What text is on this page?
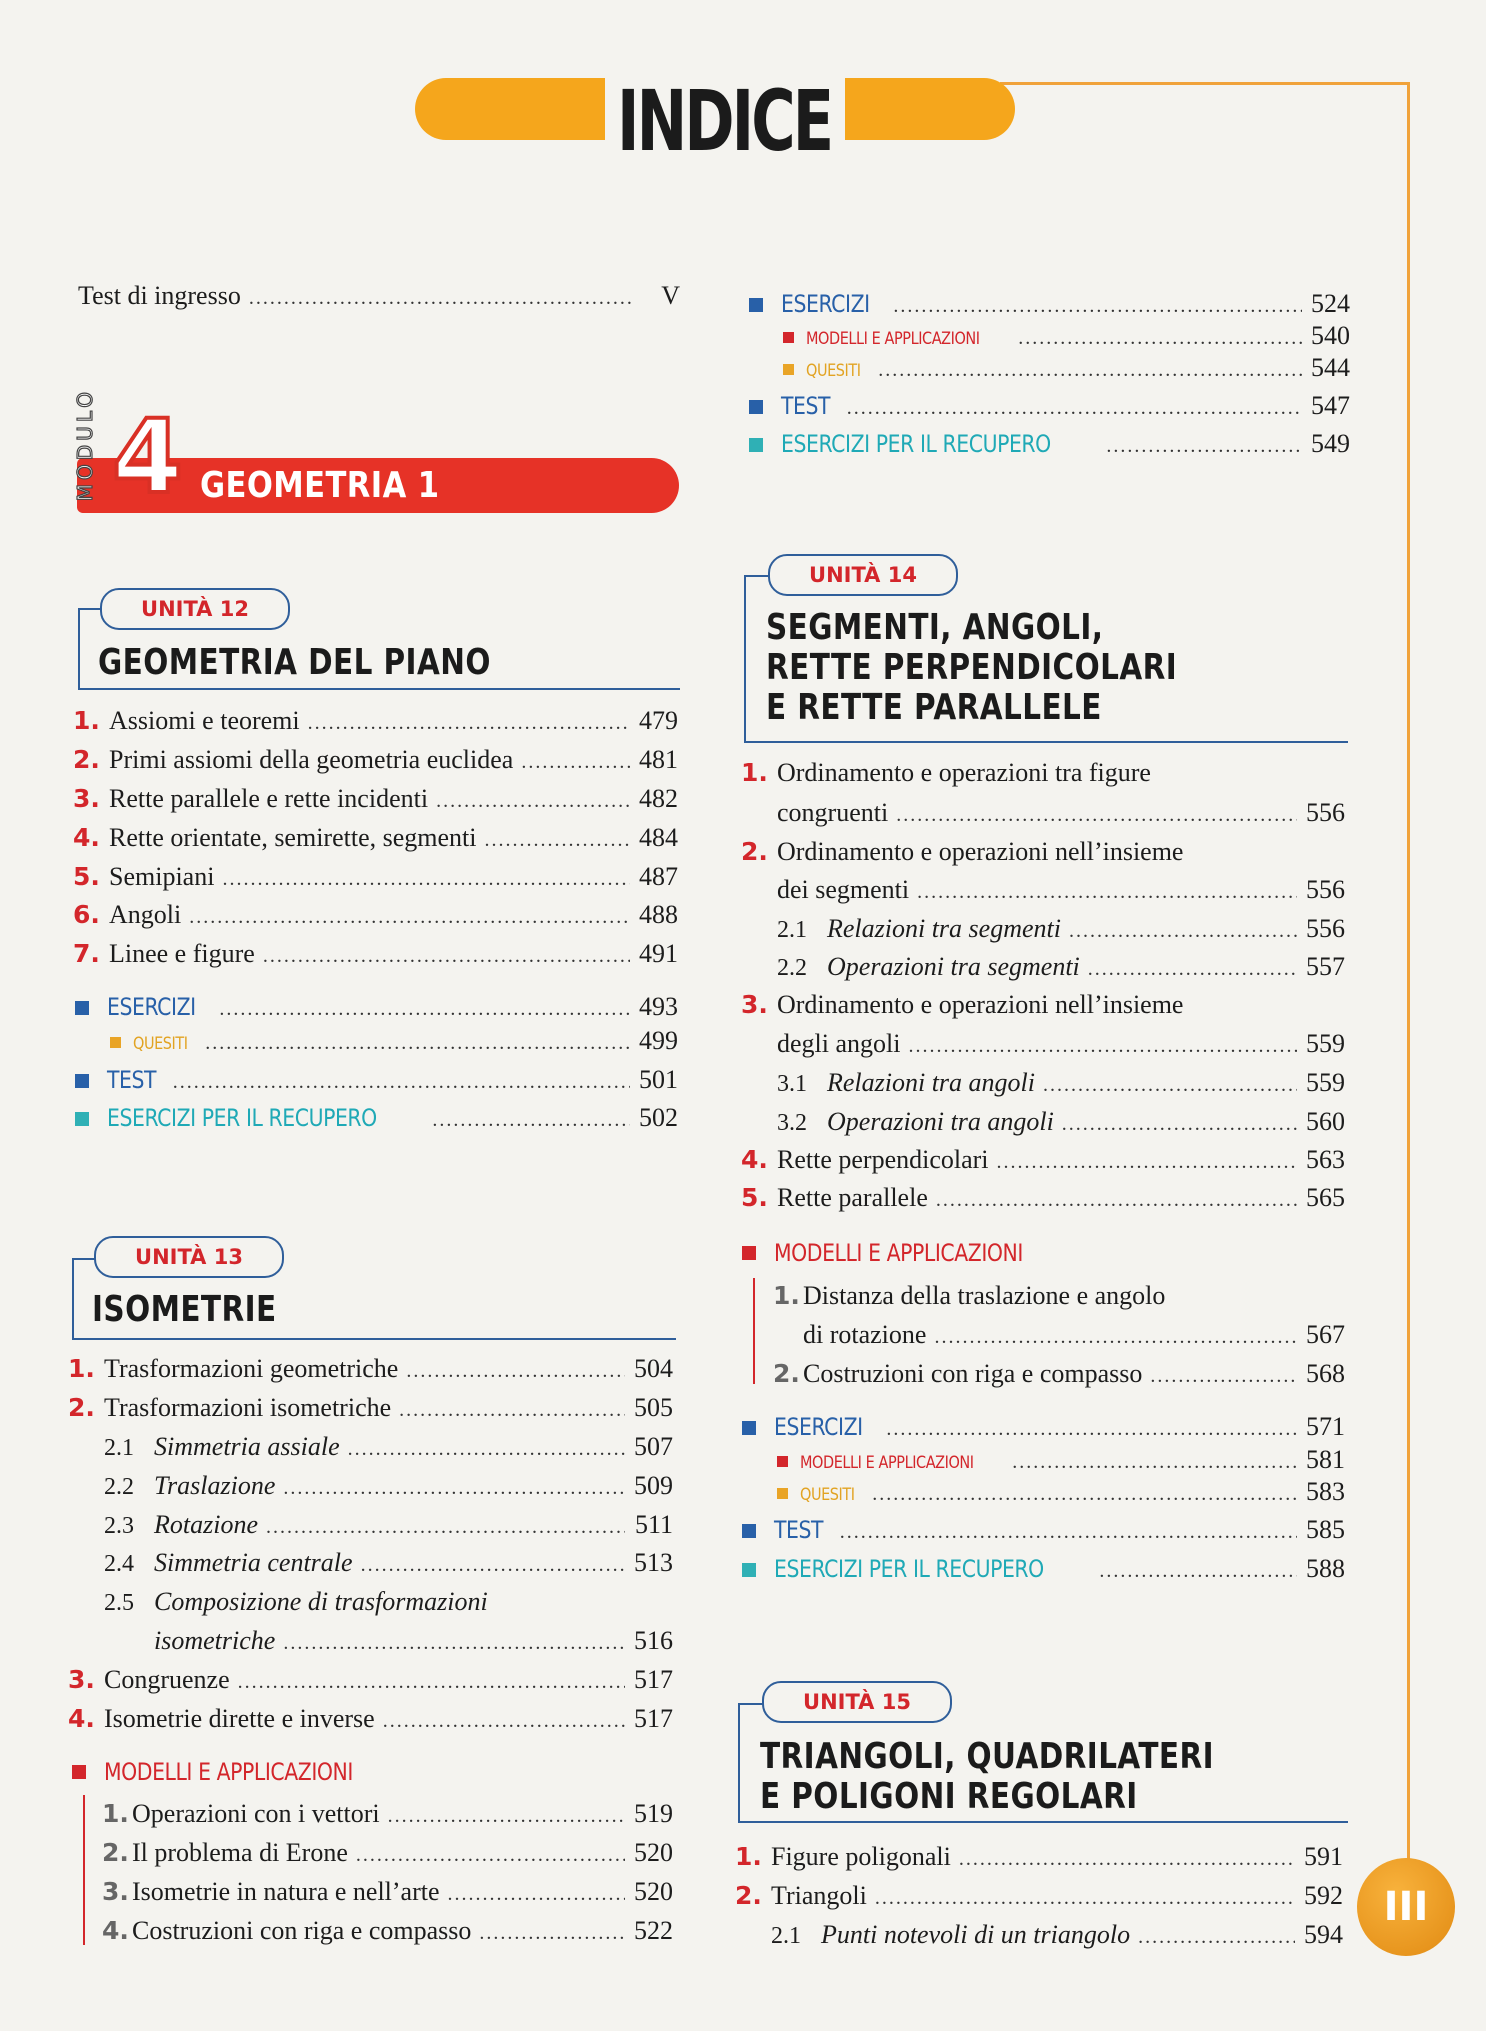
INDICE
Test di ingresso .....	V
MODULO 4 GEOMETRIA 1
UNITÀ 12
GEOMETRIA DEL PIANO
1. Assiomi e teoremi .....	479
2. Primi assiomi della geometria euclidea .....	481
3. Rette parallele e rette incidenti .....	482
4. Rette orientate, semirette, segmenti .....	484
5. Semipiani .....	487
6. Angoli .....	488
7. Linee e figure .....	491
ESERCIZI .....	493
QUESITI .....	499
TEST .....	501
ESERCIZI PER IL RECUPERO .....	502
UNITÀ 13
ISOMETRIE
1. Trasformazioni geometriche .....	504
2. Trasformazioni isometriche .....	505
2.1 Simmetria assiale .....	507
2.2 Traslazione .....	509
2.3 Rotazione .....	511
2.4 Simmetria centrale .....	513
2.5 Composizione di trasformazioni
isometriche .....	516
3. Congruenze .....	517
4. Isometrie dirette e inverse .....	517
MODELLI E APPLICAZIONI
1. Operazioni con i vettori .....	519
2. Il problema di Erone .....	520
3. Isometrie in natura e nell’arte .....	520
4. Costruzioni con riga e compasso .....	522
ESERCIZI .....	524
MODELLI E APPLICAZIONI .....	540
QUESITI .....	544
TEST .....	547
ESERCIZI PER IL RECUPERO .....	549
UNITÀ 14
SEGMENTI, ANGOLI,
RETTE PERPENDICOLARI
E RETTE PARALLELE
1. Ordinamento e operazioni tra figure
congruenti .....	556
2. Ordinamento e operazioni nell’insieme
dei segmenti .....	556
2.1 Relazioni tra segmenti .....	556
2.2 Operazioni tra segmenti .....	557
3. Ordinamento e operazioni nell’insieme
degli angoli .....	559
3.1 Relazioni tra angoli .....	559
3.2 Operazioni tra angoli .....	560
4. Rette perpendicolari .....	563
5. Rette parallele .....	565
MODELLI E APPLICAZIONI
1. Distanza della traslazione e angolo
di rotazione .....	567
2. Costruzioni con riga e compasso .....	568
ESERCIZI .....	571
MODELLI E APPLICAZIONI .....	581
QUESITI .....	583
TEST .....	585
ESERCIZI PER IL RECUPERO .....	588
UNITÀ 15
TRIANGOLI, QUADRILATERI
E POLIGONI REGOLARI
1. Figure poligonali .....	591
2. Triangoli .....	592
2.1 Punti notevoli di un triangolo .....	594
III
